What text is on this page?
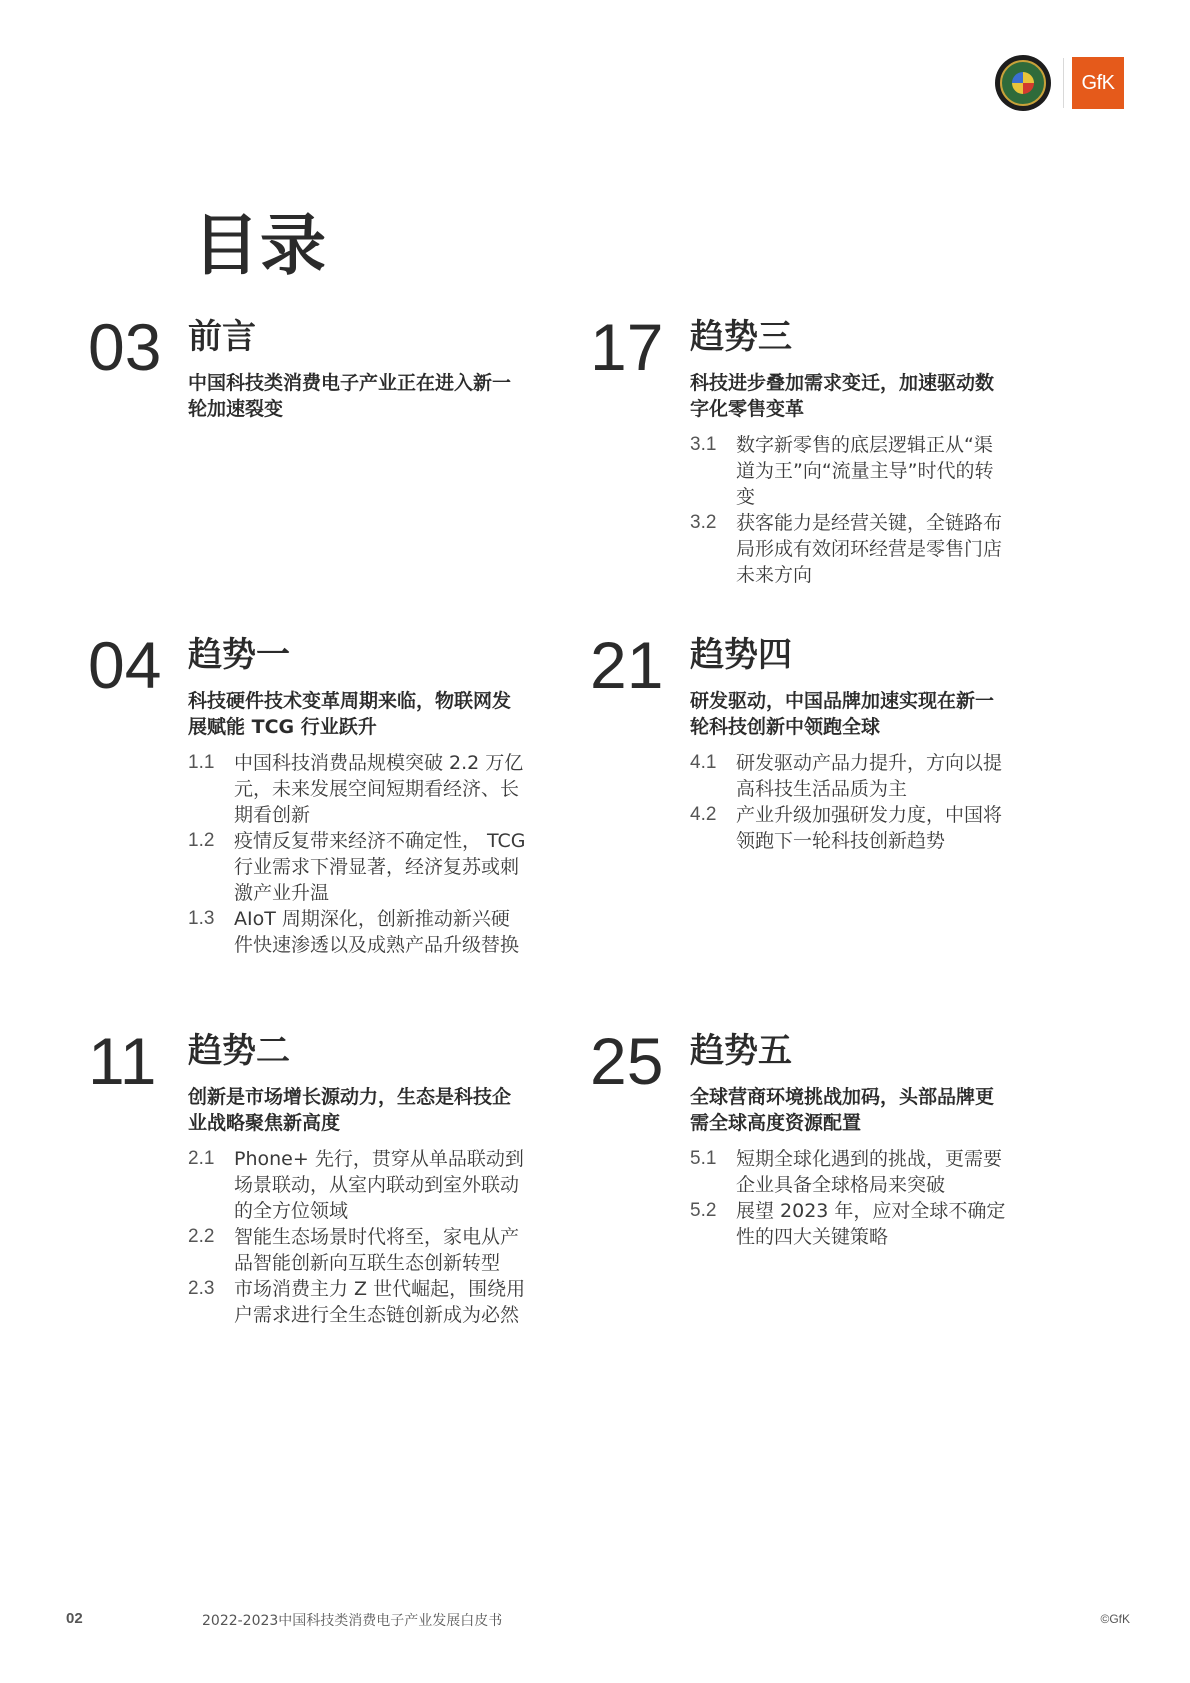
GfK
目录
03 前言

中国科技类消费电子产业正在进入新一轮加速裂变

17 趋势三

科技进步叠加需求变迁，加速驱动数字化零售变革

3.1	数字新零售的底层逻辑正从“渠道为王”向“流量主导”时代的转变
3.2	获客能力是经营关键，全链路布局形成有效闭环经营是零售门店未来方向
04 趋势一

科技硬件技术变革周期来临，物联网发展赋能 TCG 行业跃升

1.1	中国科技消费品规模突破 2.2 万亿元，未来发展空间短期看经济、长期看创新
1.2	疫情反复带来经济不确定性， TCG 行业需求下滑显著，经济复苏或刺激产业升温
1.3	AIoT 周期深化，创新推动新兴硬件快速渗透以及成熟产品升级替换
21 趋势四

研发驱动，中国品牌加速实现在新一轮科技创新中领跑全球

4.1	研发驱动产品力提升，方向以提高科技生活品质为主
4.2	产业升级加强研发力度，中国将领跑下一轮科技创新趋势
11 趋势二

创新是市场增长源动力，生态是科技企业战略聚焦新高度

2.1	Phone+ 先行，贯穿从单品联动到场景联动，从室内联动到室外联动的全方位领域
2.2	智能生态场景时代将至，家电从产品智能创新向互联生态创新转型
2.3	市场消费主力 Z 世代崛起，围绕用户需求进行全生态链创新成为必然
25 趋势五

全球营商环境挑战加码，头部品牌更需全球高度资源配置

5.1	短期全球化遇到的挑战，更需要企业具备全球格局来突破
5.2	展望 2023 年，应对全球不确定性的四大关键策略
02	2022-2023中国科技类消费电子产业发展白皮书	©GfK
